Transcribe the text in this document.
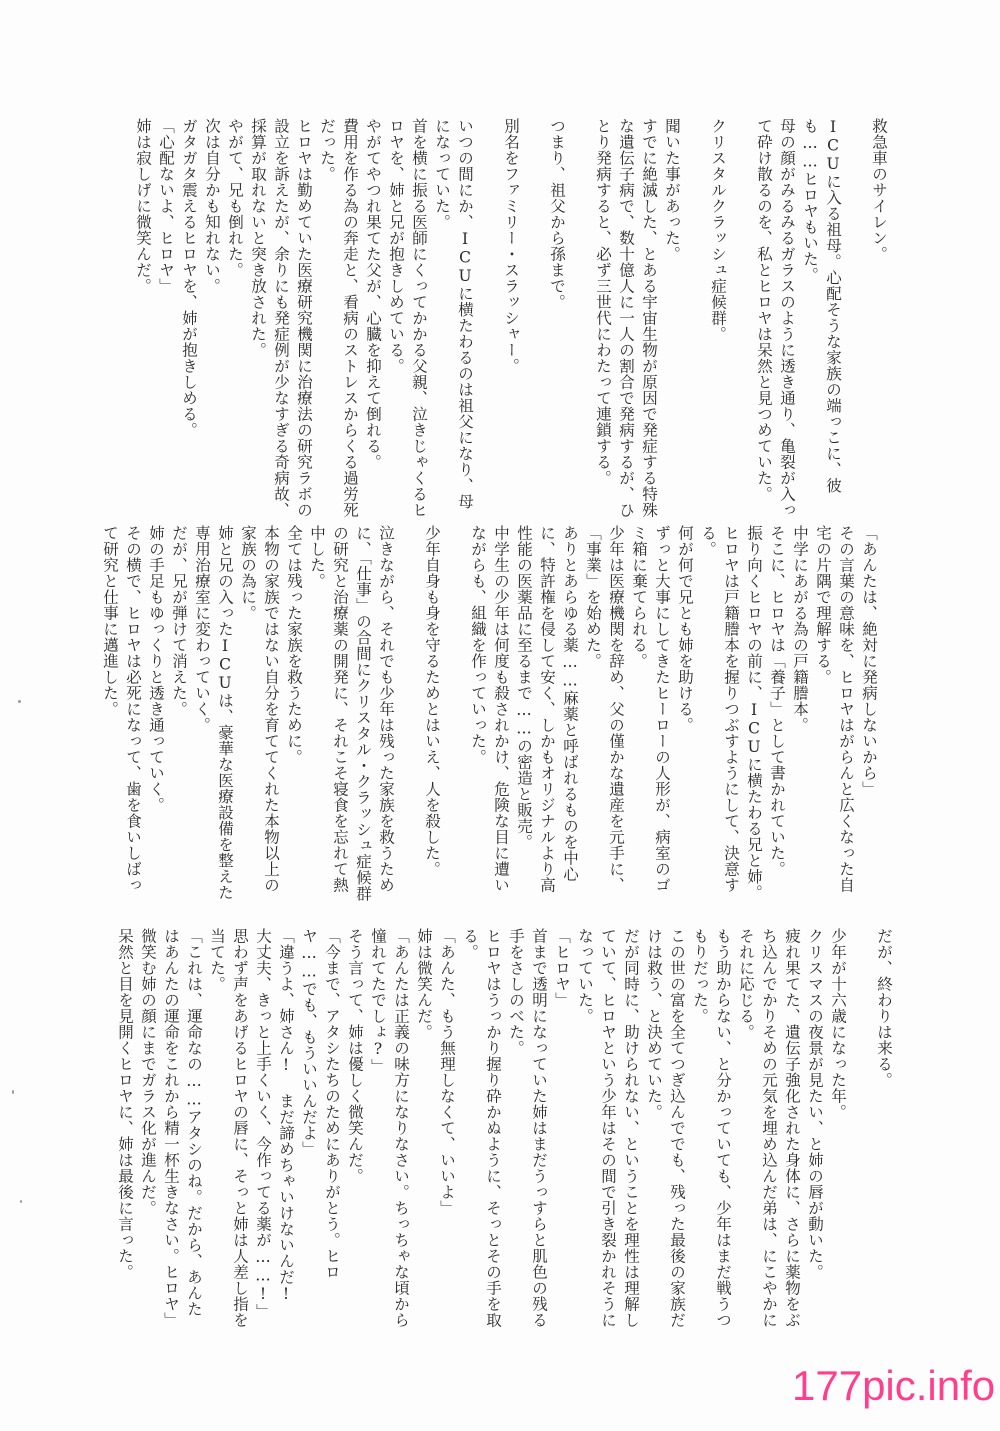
救急車のサイレン。

ICUに入る祖母。心配そうな家族の端っこに、彼も……ヒロヤもいた。
母の顔がみるみるガラスのように透き通り、亀裂が入って砕け散るのを、私とヒロヤは呆然と見つめていた。

クリスタルクラッシュ症候群。

聞いた事があった。
すでに絶滅した、とある宇宙生物が原因で発症する特殊な遺伝子病で、数十億人に一人の割合で発病するが、ひとり発病すると、必ず三世代にわたって連鎖する。

つまり、祖父から孫まで。

別名をファミリー・スラッシャー。

いつの間にか、ICUに横たわるのは祖父になり、母になっていた。
首を横に振る医師にくってかかる父親、泣きじゃくるヒロヤを、姉と兄が抱きしめている。
やがてやつれ果てた父が、心臓を抑えて倒れる。
費用を作る為の奔走と、看病のストレスからくる過労死だった。
ヒロヤは勤めていた医療研究機関に治療法の研究ラボの設立を訴えたが、余りにも発症例が少なすぎる奇病故、採算が取れないと突き放された。
やがて、兄も倒れた。
次は自分かも知れない。
ガタガタ震えるヒロヤを、姉が抱きしめる。
「心配ないよ、ヒロヤ」
姉は寂しげに微笑んだ。
「あんたは、絶対に発病しないから」
その言葉の意味を、ヒロヤはがらんと広くなった自宅の片隅で理解する。
中学にあがる為の戸籍謄本。
そこに、ヒロヤは「養子」として書かれていた。
振り向くヒロヤの前に、ICUに横たわる兄と姉。
ヒロヤは戸籍謄本を握りつぶすようにして、決意する。
何が何で兄とも姉を助ける。
ずっと大事にしてきたヒーローの人形が、病室のゴミ箱に棄てられる。
少年は医療機関を辞め、父の僅かな遺産を元手に、「事業」を始めた。
ありとあらゆる薬……麻薬と呼ばれるものを中心に、特許権を侵して安く、しかもオリジナルより高性能の医薬品に至るまで……の密造と販売。
中学生の少年は何度も殺されかけ、危険な目に遭いながらも、組織を作っていった。

少年自身も身を守るためとはいえ、人を殺した。

泣きながら、それでも少年は残った家族を救うために、「仕事」の合間にクリスタル・クラッシュ症候群の研究と治療薬の開発に、それこそ寝食を忘れて熱中した。
全ては残った家族を救うために。
本物の家族ではない自分を育ててくれた本物以上の家族の為に。
姉と兄の入ったICUは、豪華な医療設備を整えた専用治療室に変わっていく。
だが、兄が弾けて消えた。
姉の手足もゆっくりと透き通っていく。
その横で、ヒロヤは必死になって、歯を食いしばって研究と仕事に邁進した。
だが、終わりは来る。

少年が十六歳になった年。
クリスマスの夜景が見たい、と姉の唇が動いた。
疲れ果てた、遺伝子強化された身体に、さらに薬物をぶち込んでかりそめの元気を埋め込んだ弟は、にこやかにそれに応じる。
もう助からない、と分かっていても、少年はまだ戦うつもりだった。
この世の富を全てつぎ込んででも、残った最後の家族だけは救う、と決めていた。
だが同時に、助けられない、ということを理性は理解していて、ヒロヤという少年はその間で引き裂かれそうになっていた。
「ヒロヤ」
首まで透明になっていた姉はまだうっすらと肌色の残る手をさしのべた。
ヒロヤはうっかり握り砕かぬように、そっとその手を取る。
「あんた、もう無理しなくて、いいよ」
姉は微笑んだ。
「あんたは正義の味方になりなさい。ちっちゃな頃から憧れてたでしょ?」
そう言って、姉は優しく微笑んだ。
「今まで、アタシたちのためにありがとう。ヒロヤ……でも、もういいんだよ」
「違うよ、姉さん! まだ諦めちゃいけないんだ! 大丈夫、きっと上手くいく、今作ってる薬が……!」
思わず声をあげるヒロヤの唇に、そっと姉は人差し指を当てた。
「これは、運命なの……アタシのね。だから、あんたはあんたの運命をこれから精一杯生きなさい。ヒロヤ」
微笑む姉の顔にまでガラス化が進んだ。
呆然と目を見開くヒロヤに、姉は最後に言った。
177pic.info
